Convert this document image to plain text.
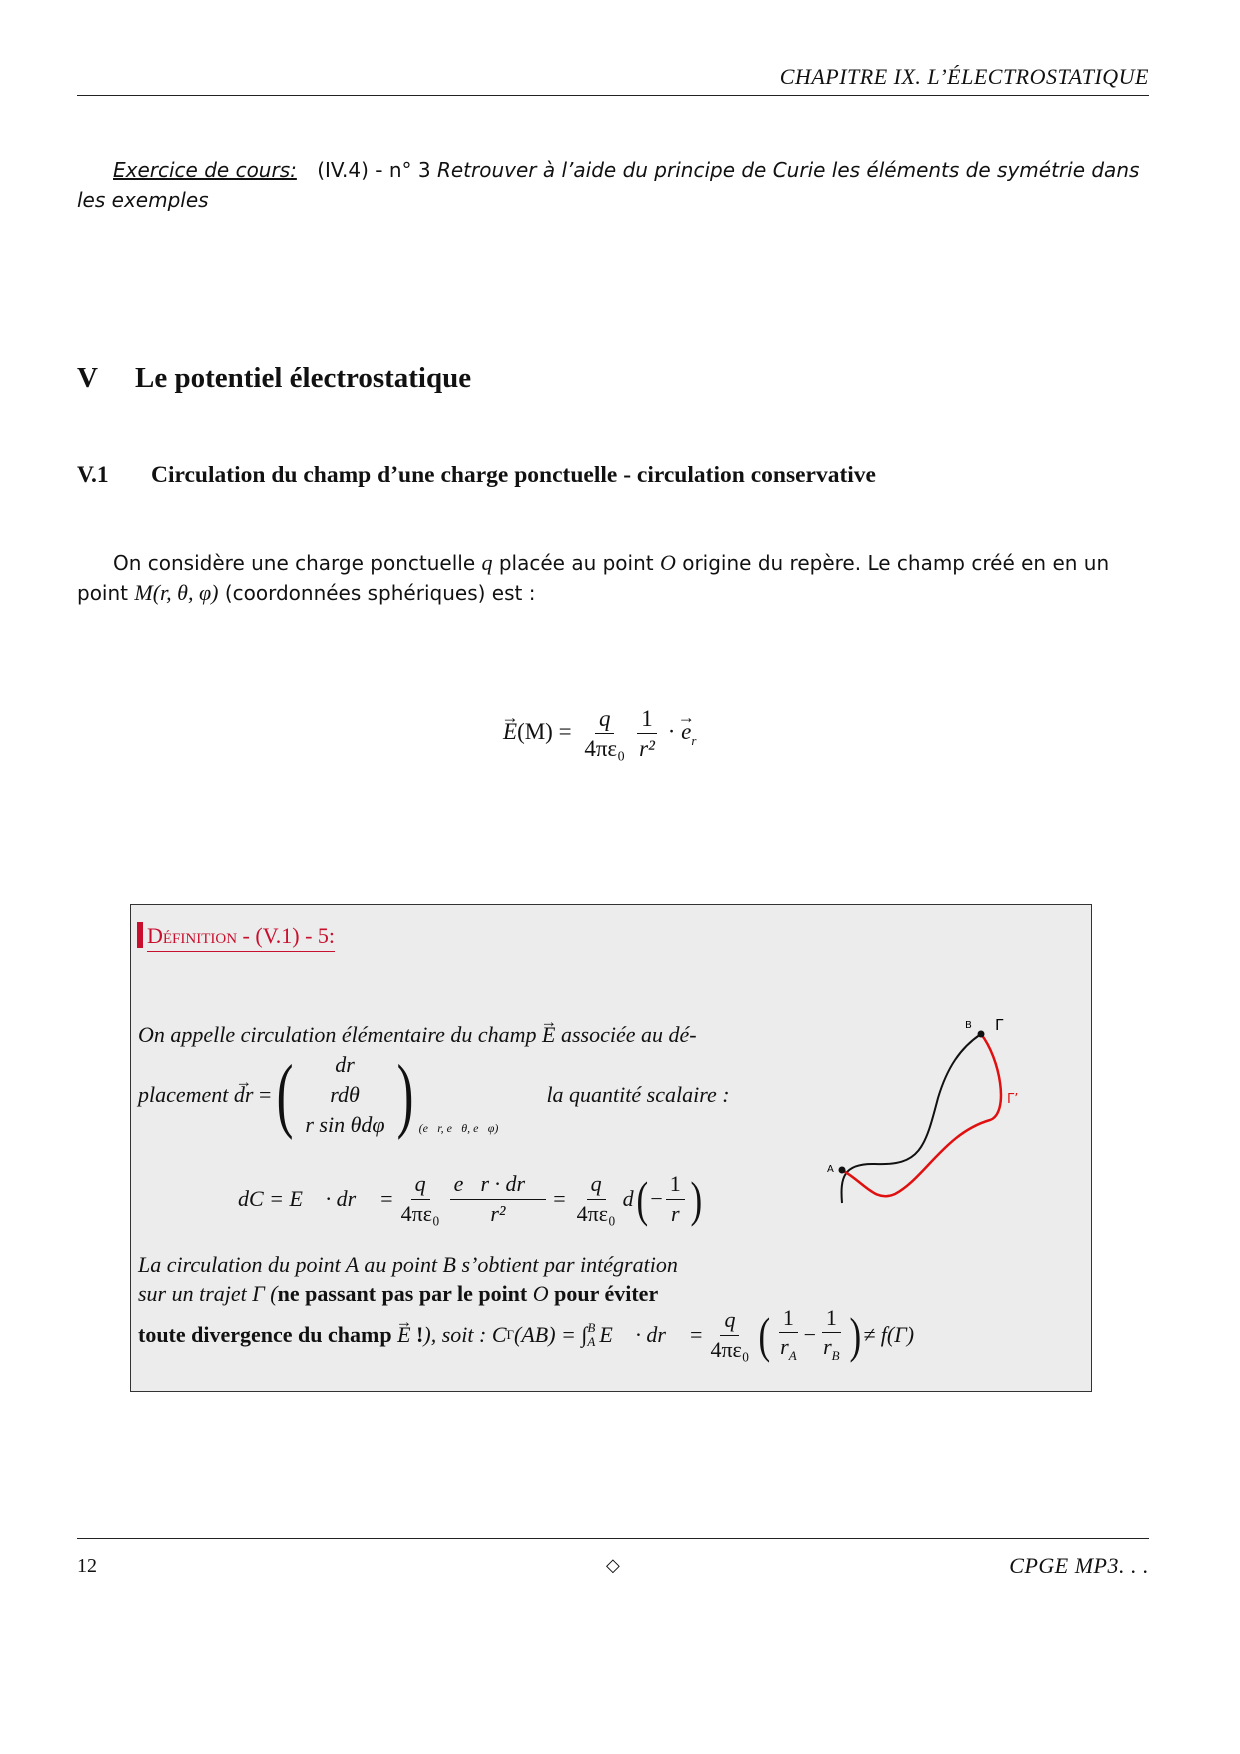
CHAPITRE IX. L’ÉLECTROSTATIQUE
Exercice de cours: (IV.4) - n° 3 Retrouver à l’aide du principe de Curie les éléments de symétrie dans les exemples
V Le potentiel électrostatique
V.1 Circulation du champ d’une charge ponctuelle - circulation conservative
On considère une charge ponctuelle q placée au point O origine du repère. Le champ créé en en un point M(r, θ, φ) (coordonnées sphériques) est :
→ $E(M) = \frac{q}{\text{4πε₀}} \frac{1}{\text{r²}}$ · → $e_r$
Définition - (V.1) - 5:
On appelle circulation élémentaire du champ → E associée au dé-
placement
→ dr
= ( dr
rdθ
r sin θdφ ) (e⃗r, e⃗θ, e⃗φ)
la quantité scalaire :
dC = E⃗ · dr⃗ = $\frac{q}{\text{4πε₀}} \frac{e⃗r \cdot dr⃗}{\text{r²}} = \frac{q}{\text{4πε₀}}$ d ( − $\frac{1}{r}$ )
La circulation du point A au point B s’obtient par intégration
sur un trajet Γ (ne passant pas par le point O pour éviter
toute divergence du champ
→ E
! ), soit : C Γ (AB) = ∫ B
A E⃗ · dr⃗ = $\frac{q}{\text{4πε₀}}$ ( $\frac{1}{r_A} - \frac{1}{r_B}$ ) ≠ f(Γ)
A
B Γ
Γ’
12	◇	CPGE MP3. . .
